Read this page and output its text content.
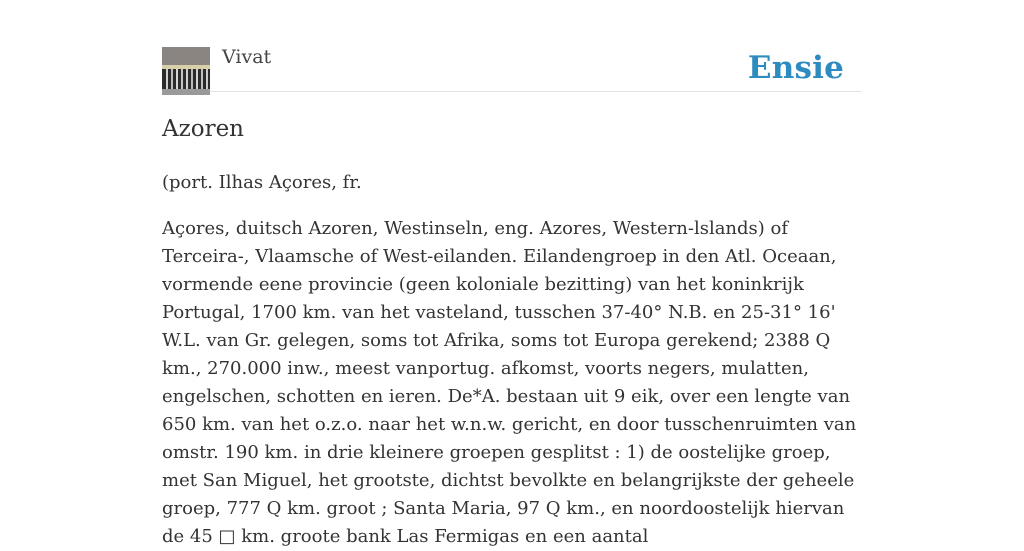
Vivat	Ensie
Azoren

(port. Ilhas Açores, fr.

Açores, duitsch Azoren, Westinseln, eng. Azores, Western-lslands) of Terceira-, Vlaamsche of West-eilanden. Eilandengroep in den Atl. Oceaan, vormende eene provincie (geen koloniale bezitting) van het koninkrijk Portugal, 1700 km. van het vasteland, tusschen 37-40° N.B. en 25-31° 16' W.L. van Gr. gelegen, soms tot Afrika, soms tot Europa gerekend; 2388 Q km., 270.000 inw., meest vanportug. afkomst, voorts negers, mulatten, engelschen, schotten en ieren. De*A. bestaan uit 9 eik, over een lengte van 650 km. van het o.z.o. naar het w.n.w. gericht, en door tusschenruimten van omstr. 190 km. in drie kleinere groepen gesplitst : 1) de oostelijke groep, met San Miguel, het grootste, dichtst bevolkte en belangrijkste der geheele groep, 777 Q km. groot ; Santa Maria, 97 Q km., en noordoostelijk hiervan de 45 □ km. groote bank Las Fermigas en een aantal
